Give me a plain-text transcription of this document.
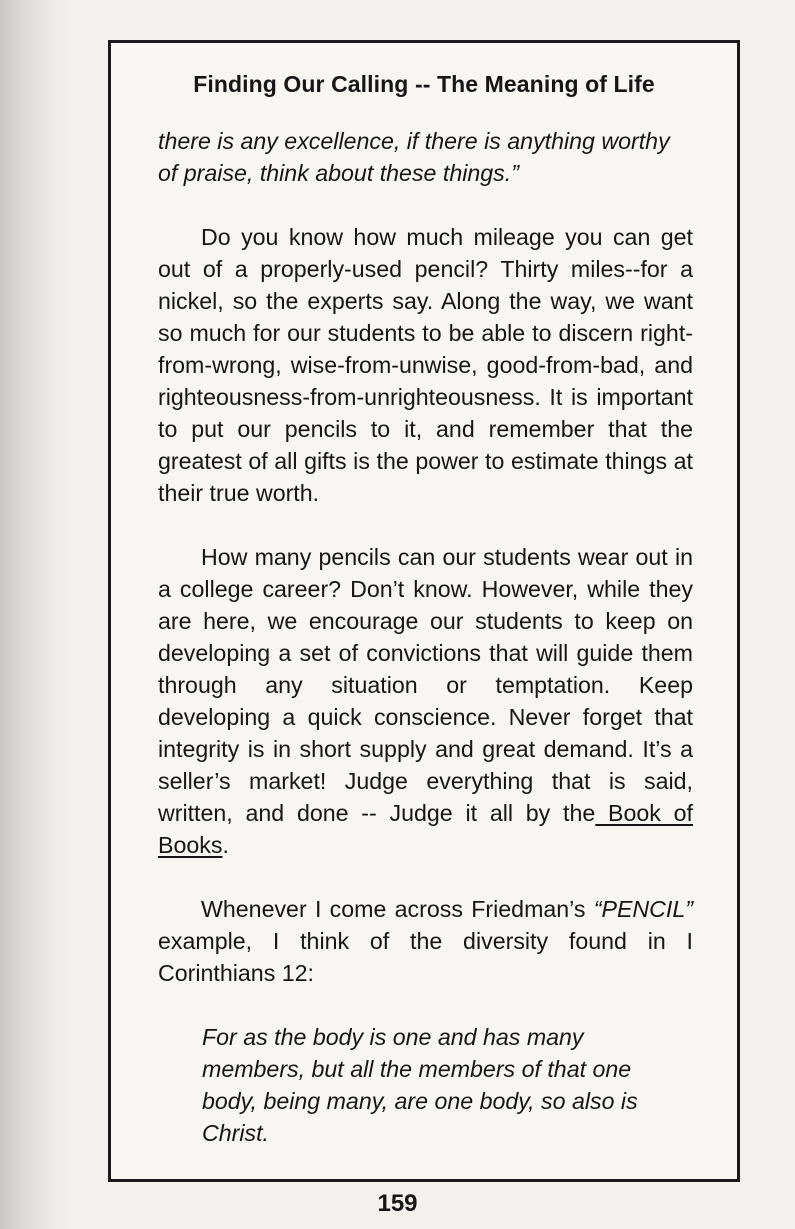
Finding Our Calling -- The Meaning of Life

there is any excellence, if there is anything worthy of praise, think about these things.”

Do you know how much mileage you can get out of a properly-used pencil? Thirty miles--for a nickel, so the experts say. Along the way, we want so much for our students to be able to discern right-from-wrong, wise-from-unwise, good-from-bad, and righteousness-from-unrighteousness. It is important to put our pencils to it, and remember that the greatest of all gifts is the power to estimate things at their true worth.

How many pencils can our students wear out in a college career? Don’t know. However, while they are here, we encourage our students to keep on developing a set of convictions that will guide them through any situation or temptation. Keep developing a quick conscience. Never forget that integrity is in short supply and great demand. It’s a seller’s market! Judge everything that is said, written, and done -- Judge it all by the Book of Books.

Whenever I come across Friedman’s “PENCIL” example, I think of the diversity found in I Corinthians 12:

For as the body is one and has many members, but all the members of that one body, being many, are one body, so also is Christ.

159
